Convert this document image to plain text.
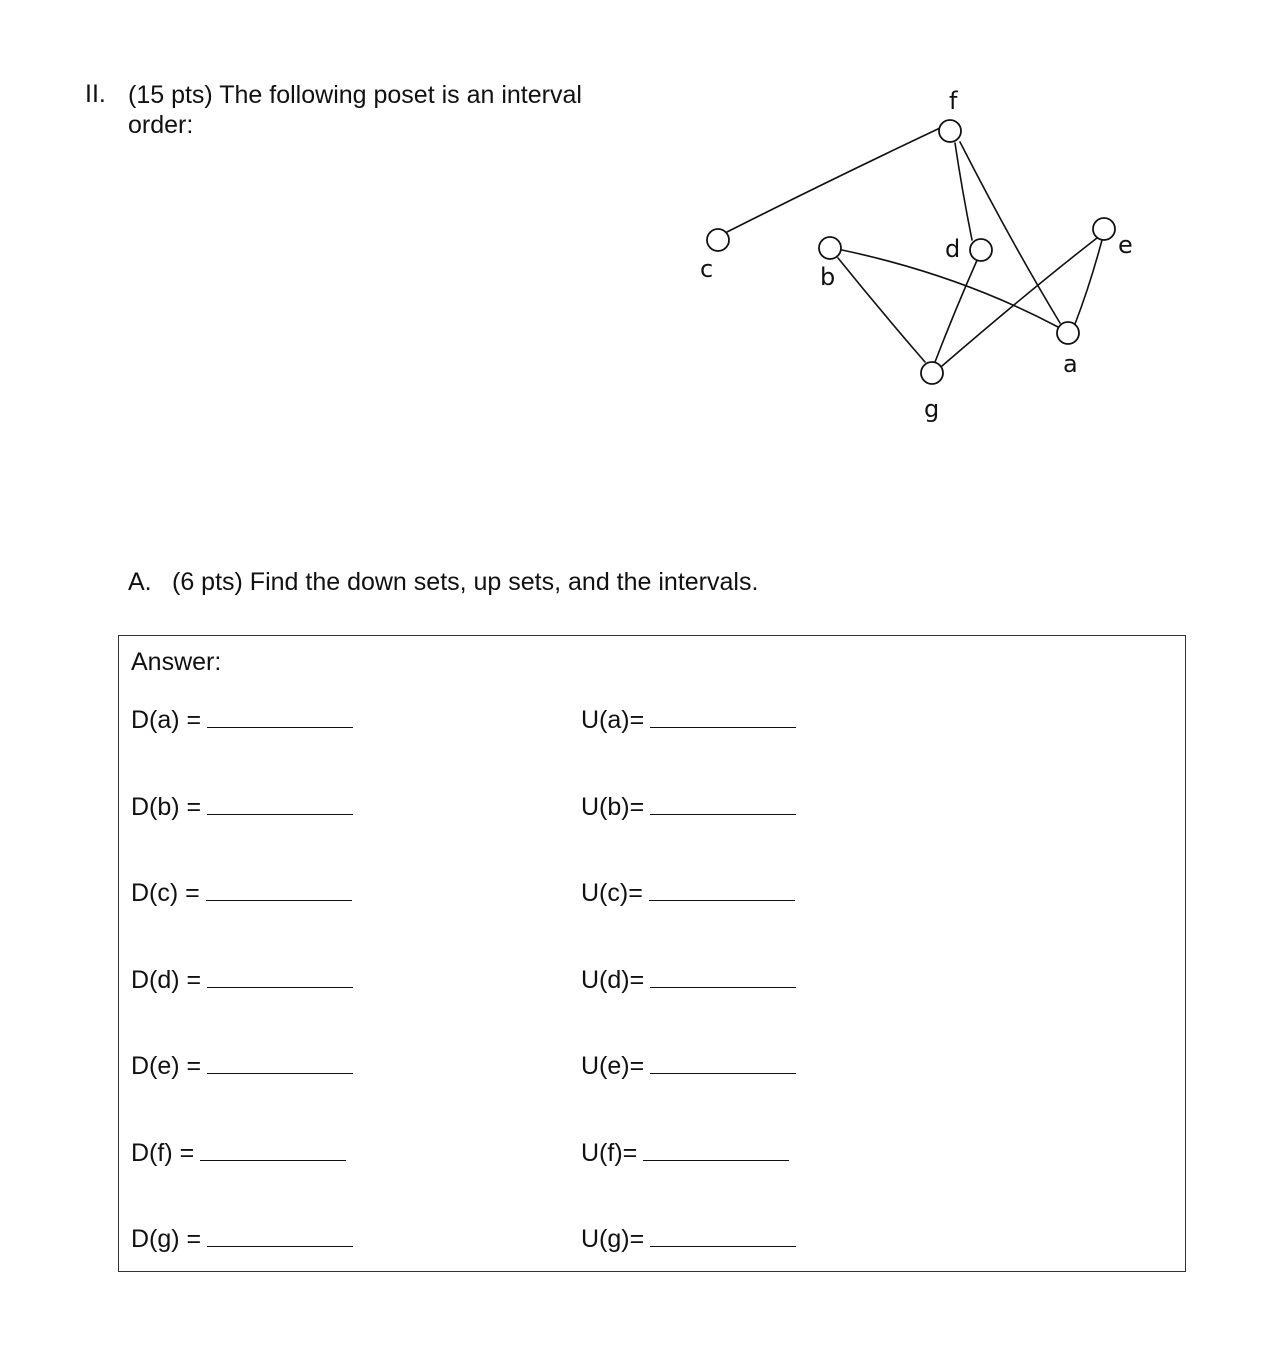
II. (15 pts) The following poset is an interval order:
f
c	b
d	e
a
g
A. (6 pts) Find the down sets, up sets, and the intervals.
Answer:
D(a) =	U(a)=
D(b) =	U(b)=
D(c) =	U(c)=
D(d) =	U(d)=
D(e) =	U(e)=
D(f) =	U(f)=
D(g) =	U(g)=
